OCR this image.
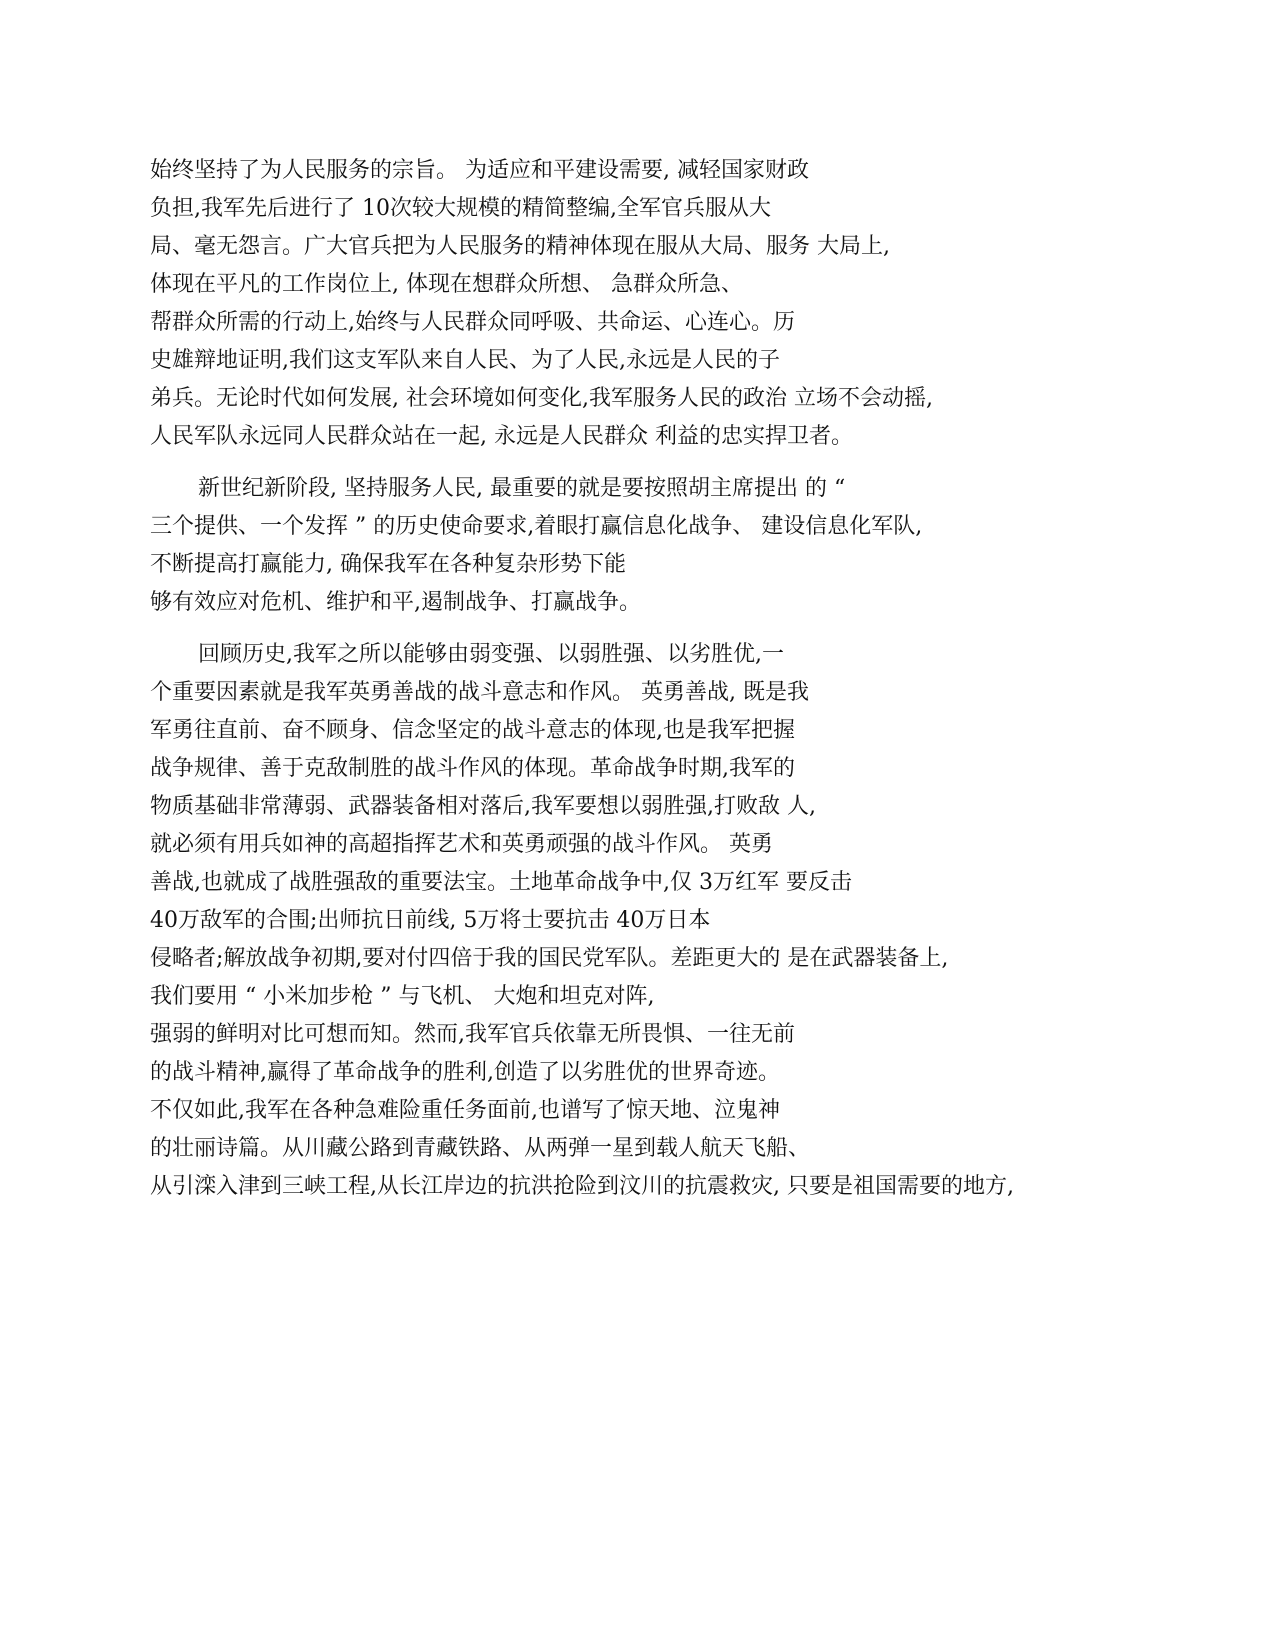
始终坚持了为人民服务的宗旨。 为适应和平建设需要, 减轻国家财政
负担,我军先后进行了 10次较大规模的精简整编,全军官兵服从大
局、毫无怨言。广大官兵把为人民服务的精神体现在服从大局、服务 大局上,
体现在平凡的工作岗位上, 体现在想群众所想、 急群众所急、
帮群众所需的行动上,始终与人民群众同呼吸、共命运、心连心。历
史雄辩地证明,我们这支军队来自人民、为了人民,永远是人民的子
弟兵。无论时代如何发展, 社会环境如何变化,我军服务人民的政治 立场不会动摇,
人民军队永远同人民群众站在一起, 永远是人民群众 利益的忠实捍卫者。
新世纪新阶段, 坚持服务人民, 最重要的就是要按照胡主席提出 的 “
三个提供、一个发挥 ” 的历史使命要求,着眼打赢信息化战争、 建设信息化军队,
不断提高打赢能力, 确保我军在各种复杂形势下能
够有效应对危机、维护和平,遏制战争、打赢战争。
回顾历史,我军之所以能够由弱变强、以弱胜强、以劣胜优,一
个重要因素就是我军英勇善战的战斗意志和作风。 英勇善战, 既是我
军勇往直前、奋不顾身、信念坚定的战斗意志的体现,也是我军把握
战争规律、善于克敌制胜的战斗作风的体现。革命战争时期,我军的
物质基础非常薄弱、武器装备相对落后,我军要想以弱胜强,打败敌 人,
就必须有用兵如神的高超指挥艺术和英勇顽强的战斗作风。 英勇
善战,也就成了战胜强敌的重要法宝。土地革命战争中,仅 3万红军 要反击
40万敌军的合围;出师抗日前线, 5万将士要抗击 40万日本
侵略者;解放战争初期,要对付四倍于我的国民党军队。差距更大的 是在武器装备上,
我们要用 “ 小米加步枪 ” 与飞机、 大炮和坦克对阵,
强弱的鲜明对比可想而知。然而,我军官兵依靠无所畏惧、一往无前
的战斗精神,赢得了革命战争的胜利,创造了以劣胜优的世界奇迹。
不仅如此,我军在各种急难险重任务面前,也谱写了惊天地、泣鬼神
的壮丽诗篇。从川藏公路到青藏铁路、从两弹一星到载人航天飞船、
从引滦入津到三峡工程,从长江岸边的抗洪抢险到汶川的抗震救灾, 只要是祖国需要的地方,
